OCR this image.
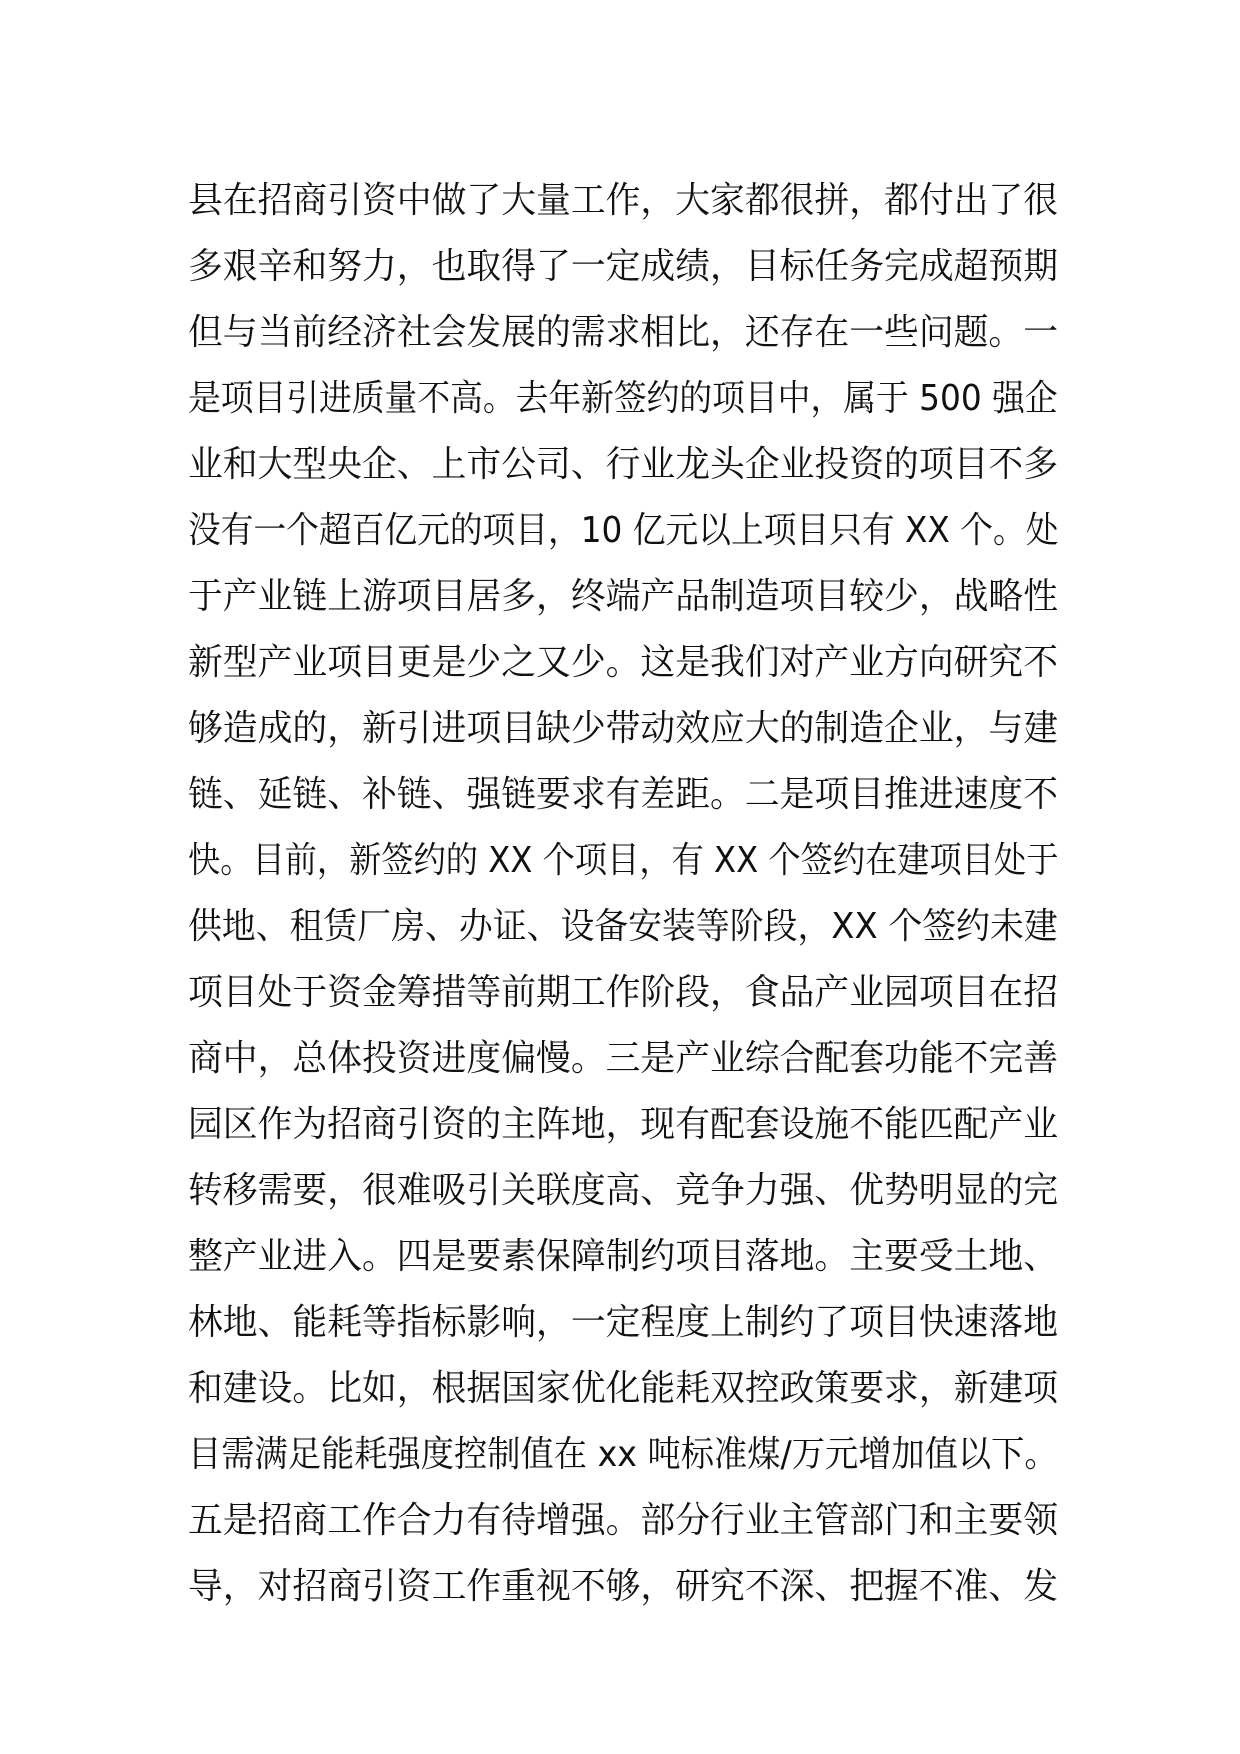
县在招商引资中做了大量工作，大家都很拼，都付出了很
多艰辛和努力，也取得了一定成绩，目标任务完成超预期
但与当前经济社会发展的需求相比，还存在一些问题。一
是项目引进质量不高。去年新签约的项目中，属于 500 强企
业和大型央企、上市公司、行业龙头企业投资的项目不多
没有一个超百亿元的项目，10 亿元以上项目只有 XX 个。处
于产业链上游项目居多，终端产品制造项目较少，战略性
新型产业项目更是少之又少。这是我们对产业方向研究不
够造成的，新引进项目缺少带动效应大的制造企业，与建
链、延链、补链、强链要求有差距。二是项目推进速度不
快。目前，新签约的 XX 个项目，有 XX 个签约在建项目处于
供地、租赁厂房、办证、设备安装等阶段，XX 个签约未建
项目处于资金筹措等前期工作阶段，食品产业园项目在招
商中，总体投资进度偏慢。三是产业综合配套功能不完善
园区作为招商引资的主阵地，现有配套设施不能匹配产业
转移需要，很难吸引关联度高、竞争力强、优势明显的完
整产业进入。四是要素保障制约项目落地。主要受土地、
林地、能耗等指标影响，一定程度上制约了项目快速落地
和建设。比如，根据国家优化能耗双控政策要求，新建项
目需满足能耗强度控制值在 xx 吨标准煤/万元增加值以下。
五是招商工作合力有待增强。部分行业主管部门和主要领
导，对招商引资工作重视不够，研究不深、把握不准、发
